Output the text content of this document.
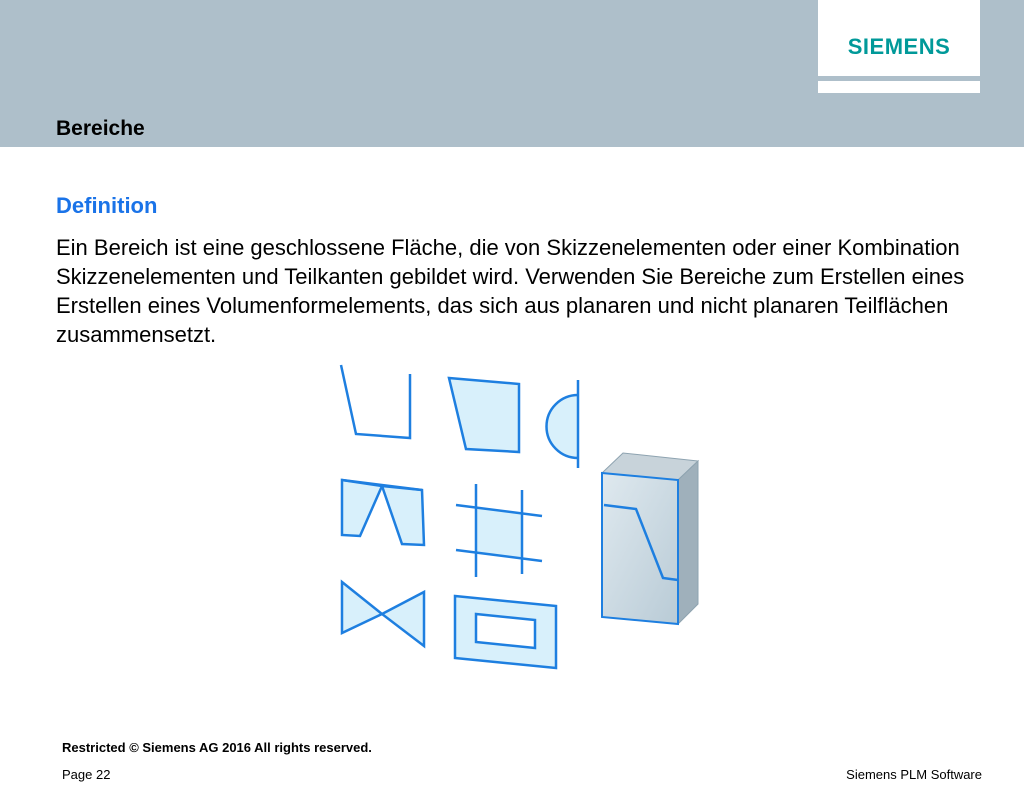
SIEMENS
Bereiche
Definition
Ein Bereich ist eine geschlossene Fläche, die von Skizzenelementen oder einer Kombination Skizzenelementen und Teilkanten gebildet wird. Verwenden Sie Bereiche zum Erstellen eines Erstellen eines Volumenformelements, das sich aus planaren und nicht planaren Teilflächen zusammensetzt.
Restricted © Siemens AG 2016 All rights reserved.
Page 22	Siemens PLM Software
